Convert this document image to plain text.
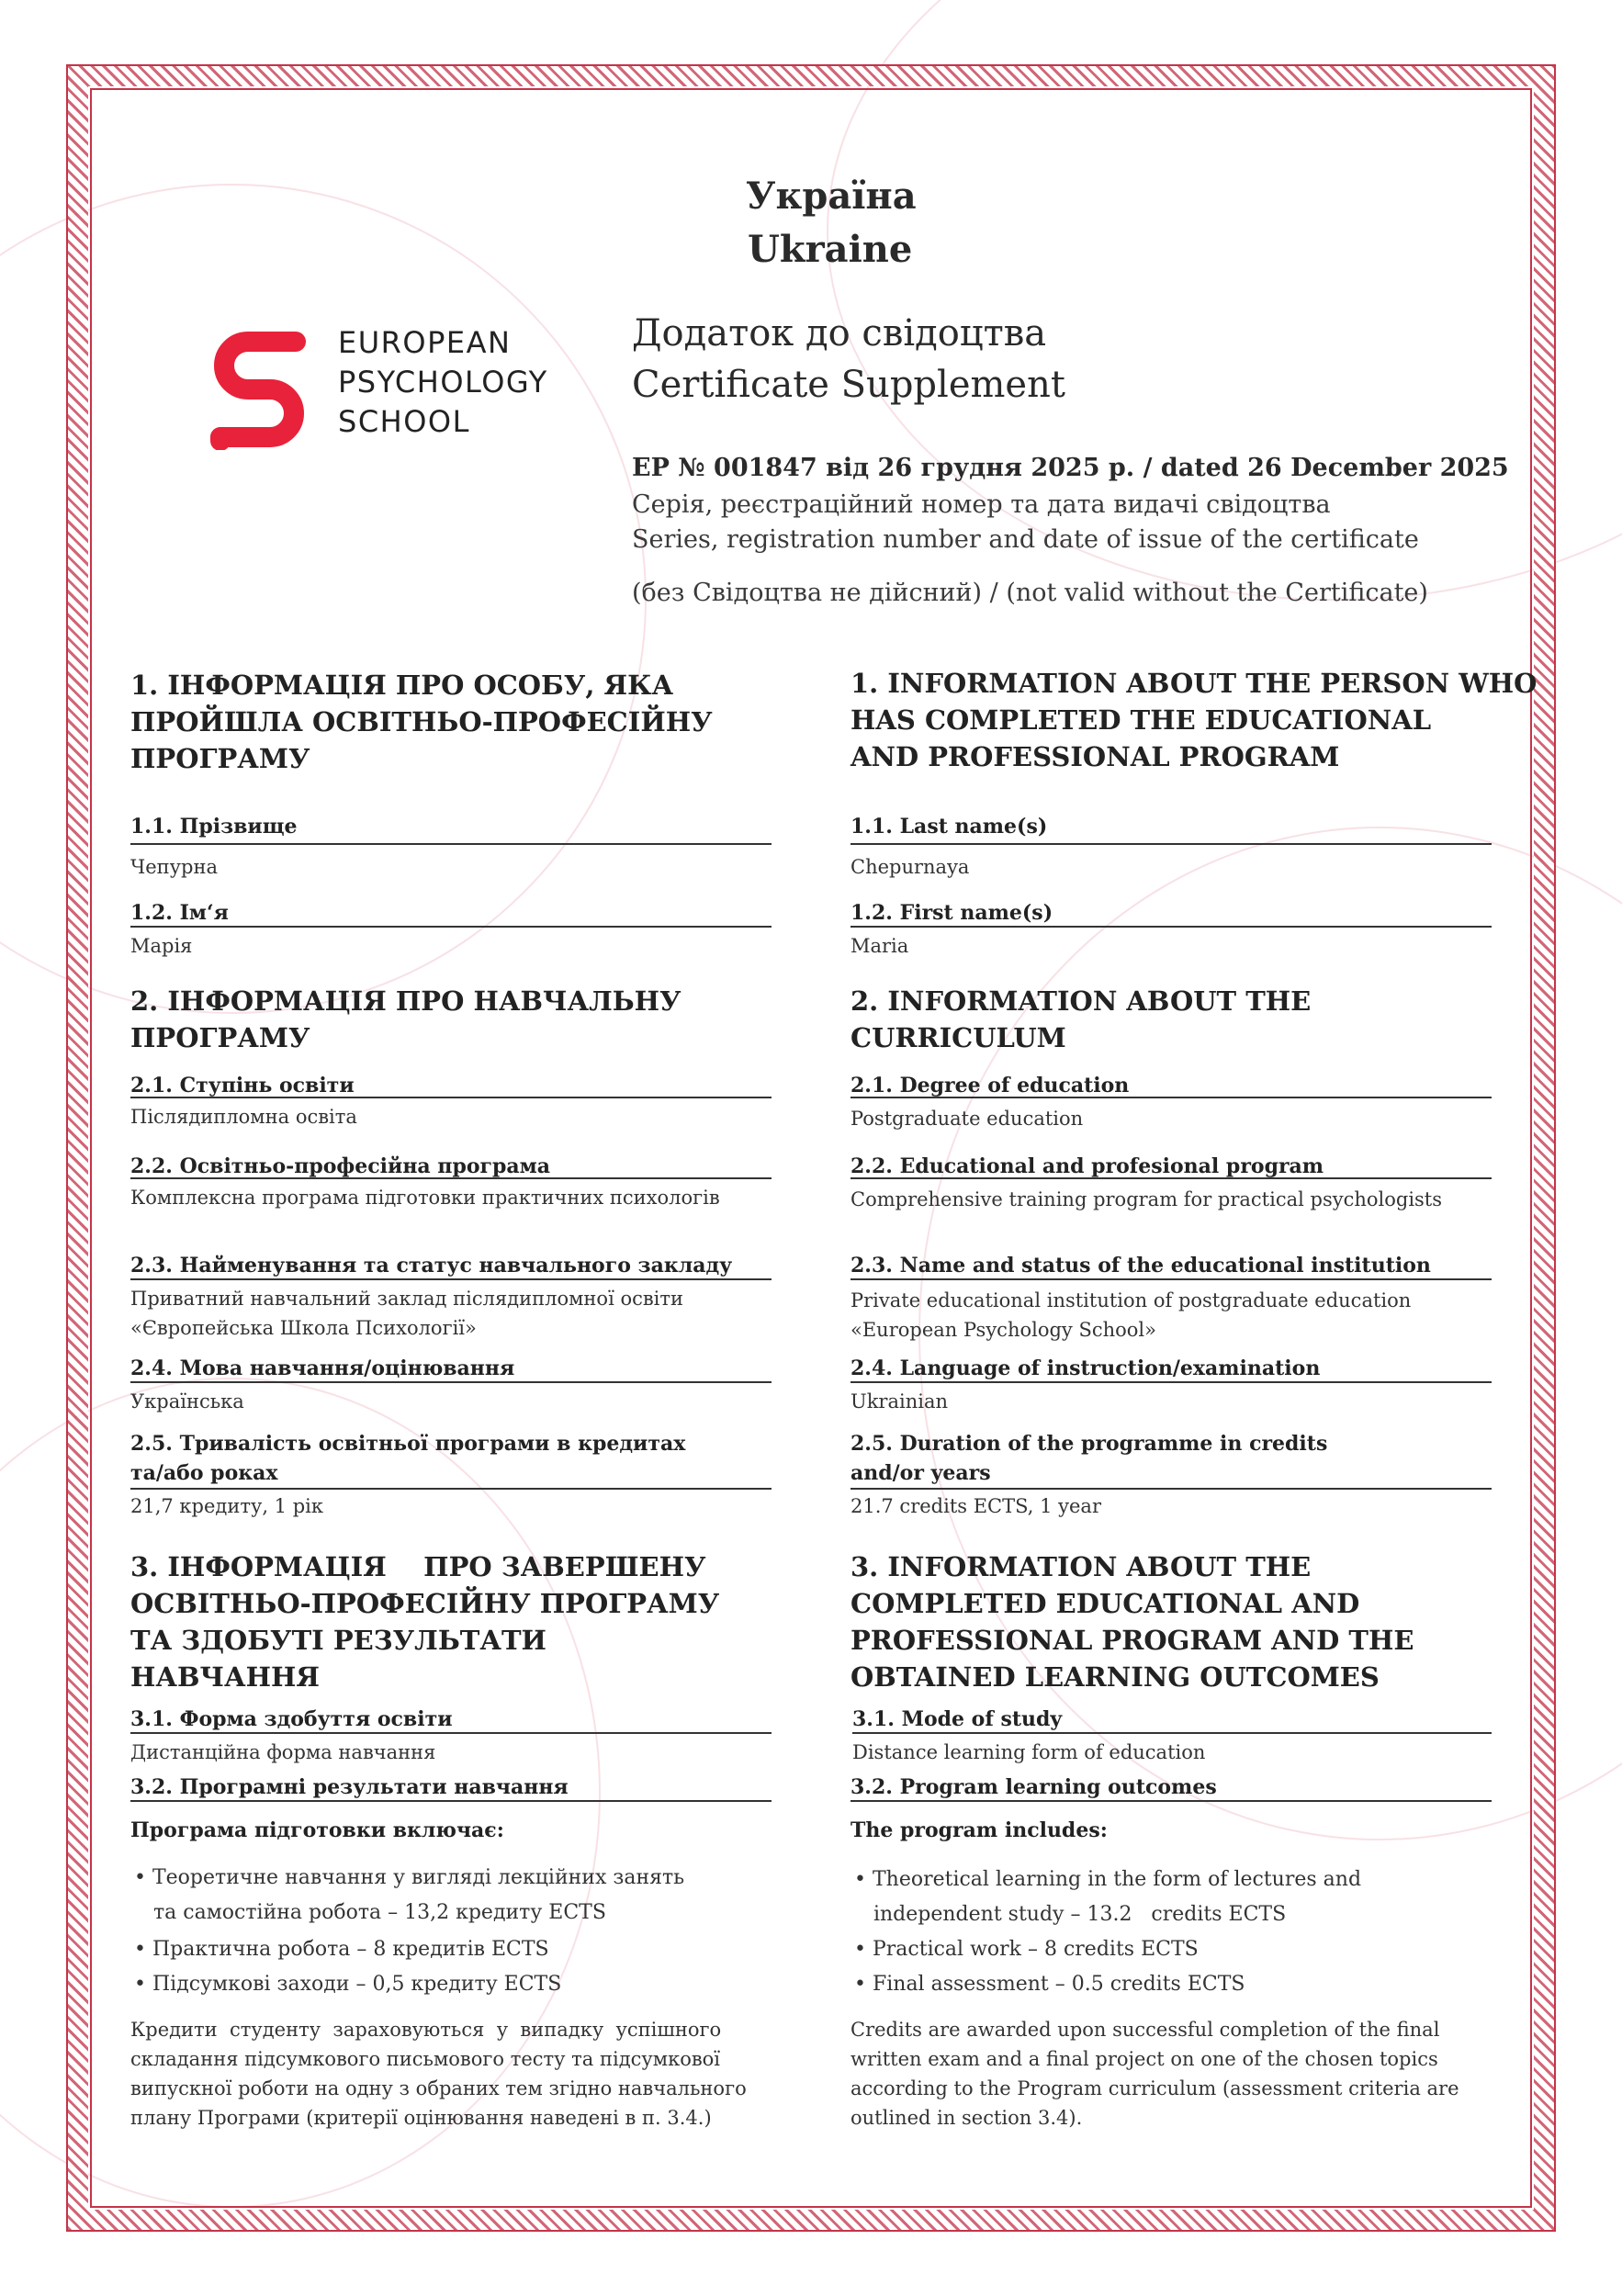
Україна
Ukraine
Додаток до свідоцтва
Certificate Supplement
ЕР № 001847 від 26 грудня 2025 р. / dated 26 December 2025
Серія, реєстраційний номер та дата видачі свідоцтва
Series, registration number and date of issue of the certificate
(без Свідоцтва не дійсний) / (not valid without the Certificate)
EUROPEAN
PSYCHOLOGY
SCHOOL
1. ІНФОРМАЦІЯ ПРО ОСОБУ, ЯКА
ПРОЙШЛА ОСВІТНЬО-ПРОФЕСІЙНУ
ПРОГРАМУ
1.1. Прізвище
Чепурна
1.2. Ім‘я
Марія
2. ІНФОРМАЦІЯ ПРО НАВЧАЛЬНУ
ПРОГРАМУ
2.1. Ступінь освіти
Післядипломна освіта
2.2. Освітньо-професійна програма
Комплексна програма підготовки практичних психологів
2.3. Найменування та статус навчального закладу
Приватний навчальний заклад післядипломної освіти
«Європейська Школа Психології»
2.4. Мова навчання/оцінювання
Українська
2.5. Тривалість освітньої програми в кредитах
та/або роках
21,7 кредиту, 1 рік
3. ІНФОРМАЦІЯ    ПРО ЗАВЕРШЕНУ
ОСВІТНЬО-ПРОФЕСІЙНУ ПРОГРАМУ
ТА ЗДОБУТІ РЕЗУЛЬТАТИ
НАВЧАННЯ
3.1. Форма здобуття освіти
Дистанційна форма навчання
3.2. Програмні результати навчання
Програма підготовки включає:
• Теоретичне навчання у вигляді лекційних занять
та самостійна робота – 13,2 кредиту ECTS
• Практична робота – 8 кредитів ECTS
• Підсумкові заходи – 0,5 кредиту ECTS
Кредити  студенту  зараховуються  у  випадку  успішного
складання підсумкового письмового тесту та підсумкової
випускної роботи на одну з обраних тем згідно навчального
плану Програми (критерії оцінювання наведені в п. 3.4.)
1. INFORMATION ABOUT THE PERSON WHO
HAS COMPLETED THE EDUCATIONAL
AND PROFESSIONAL PROGRAM
1.1. Last name(s)
Chepurnaya
1.2. First name(s)
Maria
2. INFORMATION ABOUT THE
CURRICULUM
2.1. Degree of education
Postgraduate education
2.2. Educational and profesional program
Comprehensive training program for practical psychologists
2.3. Name and status of the educational institution
Private educational institution of postgraduate education
«European Psychology School»
2.4. Language of instruction/examination
Ukrainian
2.5. Duration of the programme in credits
and/or years
21.7 credits ECTS, 1 year
3. INFORMATION ABOUT THE
COMPLETED EDUCATIONAL AND
PROFESSIONAL PROGRAM AND THE
OBTAINED LEARNING OUTCOMES
3.1. Mode of study
Distance learning form of education
3.2. Program learning outcomes
The program includes:
• Theoretical learning in the form of lectures and
independent study – 13.2   credits ECTS
• Practical work – 8 credits ECTS
• Final assessment – 0.5 credits ECTS
Credits are awarded upon successful completion of the final
written exam and a final project on one of the chosen topics
according to the Program curriculum (assessment criteria are
outlined in section 3.4).
